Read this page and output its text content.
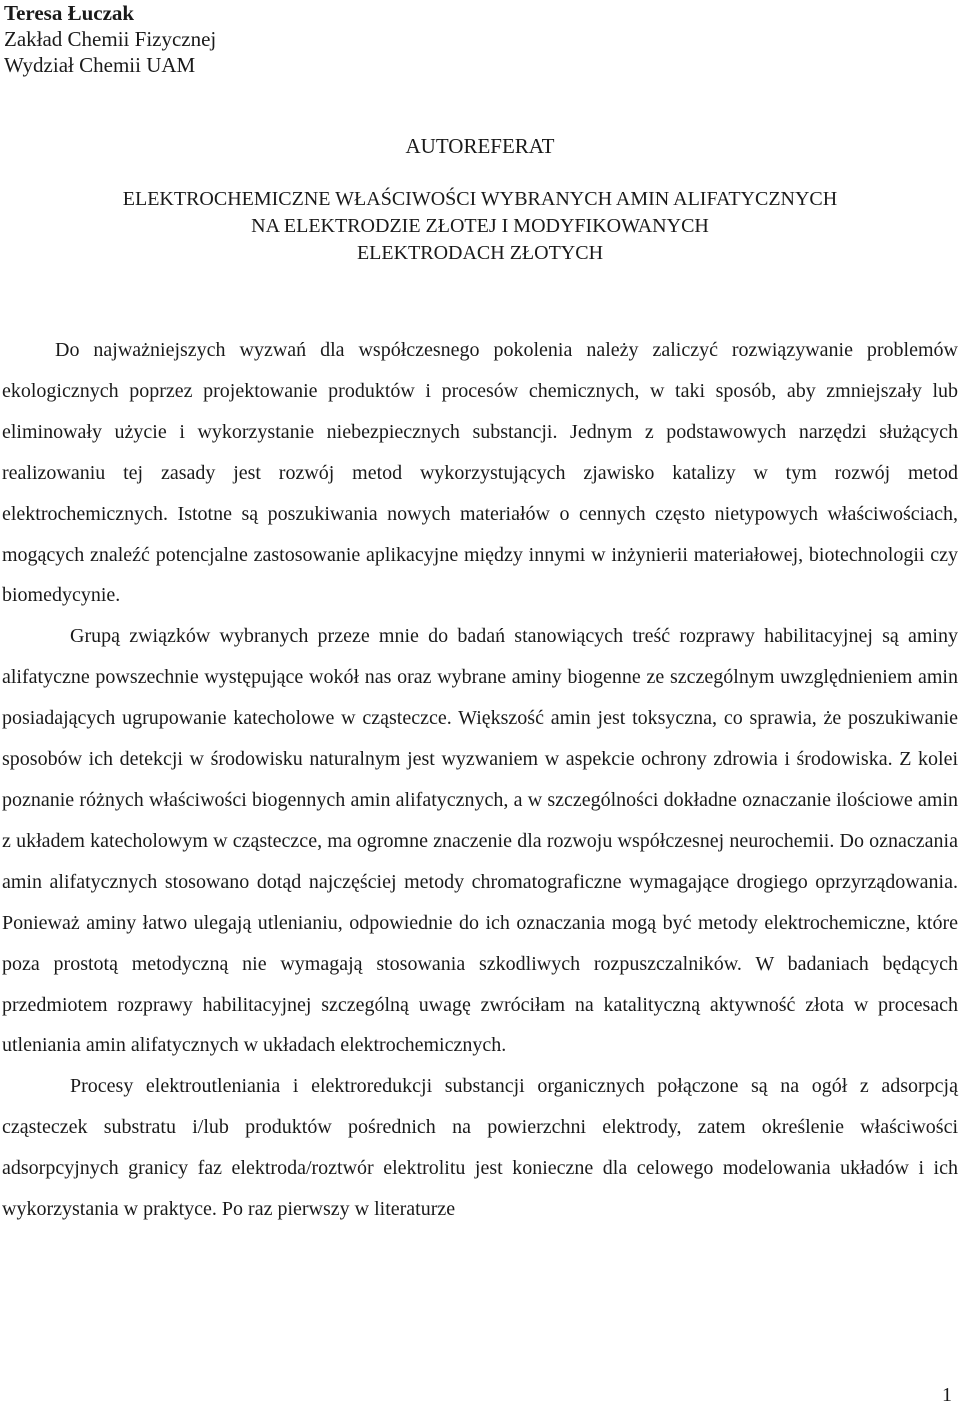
Teresa Łuczak
Zakład Chemii Fizycznej
Wydział Chemii UAM
AUTOREFERAT
ELEKTROCHEMICZNE WŁAŚCIWOŚCI WYBRANYCH AMIN ALIFATYCZNYCH
NA ELEKTRODZIE ZŁOTEJ I MODYFIKOWANYCH
ELEKTRODACH ZŁOTYCH

Do najważniejszych wyzwań dla współczesnego pokolenia należy zaliczyć rozwiązywanie problemów ekologicznych poprzez projektowanie produktów i procesów chemicznych, w taki sposób, aby zmniejszały lub eliminowały użycie i wykorzystanie niebezpiecznych substancji. Jednym z podstawowych narzędzi służących realizowaniu tej zasady jest rozwój metod wykorzystujących zjawisko katalizy w tym rozwój metod elektrochemicznych. Istotne są poszukiwania nowych materiałów o cennych często nietypowych właściwościach, mogących znaleźć potencjalne zastosowanie aplikacyjne między innymi w inżynierii materiałowej, biotechnologii czy biomedycynie.

Grupą związków wybranych przeze mnie do badań stanowiących treść rozprawy habilitacyjnej są aminy alifatyczne powszechnie występujące wokół nas oraz wybrane aminy biogenne ze szczególnym uwzględnieniem amin posiadających ugrupowanie katecholowe w cząsteczce. Większość amin jest toksyczna, co sprawia, że poszukiwanie sposobów ich detekcji w środowisku naturalnym jest wyzwaniem w aspekcie ochrony zdrowia i środowiska. Z kolei poznanie różnych właściwości biogennych amin alifatycznych, a w szczególności dokładne oznaczanie ilościowe amin z układem katecholowym w cząsteczce, ma ogromne znaczenie dla rozwoju współczesnej neurochemii. Do oznaczania amin alifatycznych stosowano dotąd najczęściej metody chromatograficzne wymagające drogiego oprzyrządowania. Ponieważ aminy łatwo ulegają utlenianiu, odpowiednie do ich oznaczania mogą być metody elektrochemiczne, które poza prostotą metodyczną nie wymagają stosowania szkodliwych rozpuszczalników. W badaniach będących przedmiotem rozprawy habilitacyjnej szczególną uwagę zwróciłam na katalityczną aktywność złota w procesach utleniania amin alifatycznych w układach elektrochemicznych.

Procesy elektroutleniania i elektroredukcji substancji organicznych połączone są na ogół z adsorpcją cząsteczek substratu i/lub produktów pośrednich na powierzchni elektrody, zatem określenie właściwości adsorpcyjnych granicy faz elektroda/roztwór elektrolitu jest konieczne dla celowego modelowania układów i ich wykorzystania w praktyce. Po raz pierwszy w literaturze

1
